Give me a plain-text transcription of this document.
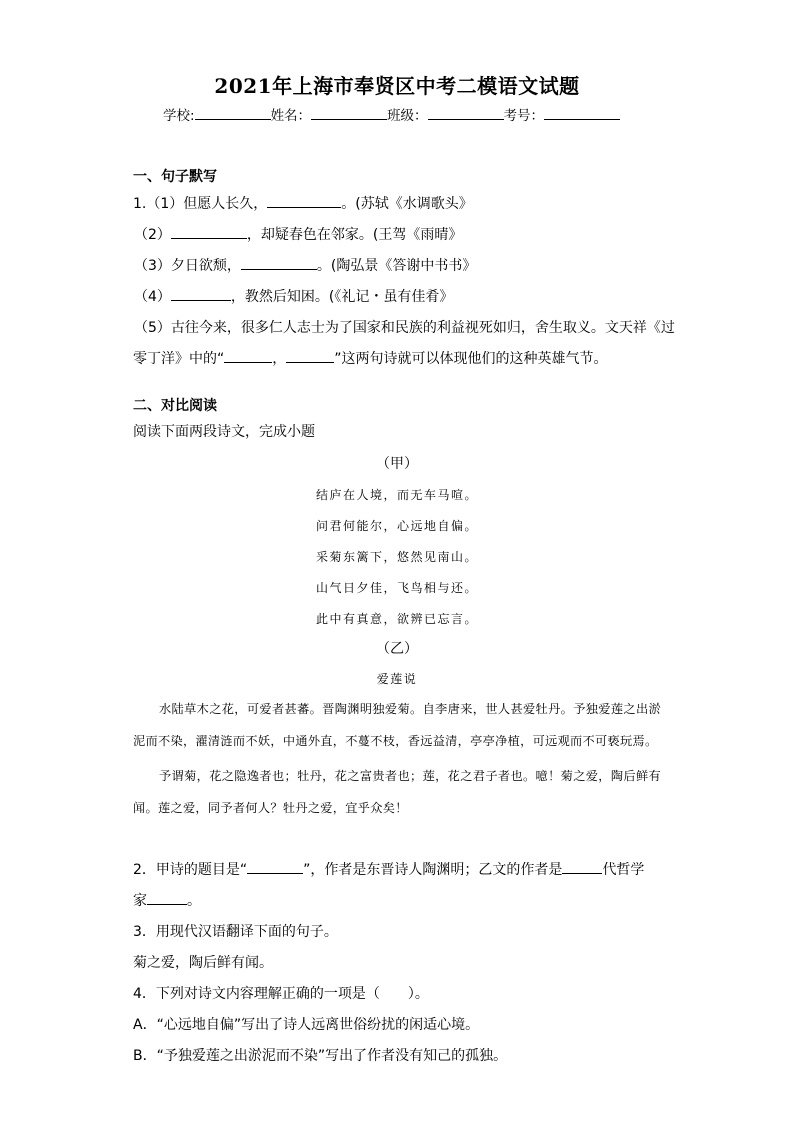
2021年上海市奉贤区中考二模语文试题
学校:	姓名：	班级：	考号：
一、句子默写
1.（1）但愿人长久，	。(苏轼《水调歌头》
（2）	，却疑春色在邻家。(王驾《雨晴》
（3）夕日欲颓，	。(陶弘景《答谢中书书》
（4）	，教然后知困。(《礼记・虽有佳肴》
（5）古往今来，很多仁人志士为了国家和民族的利益视死如归，舍生取义。文天祥《过
零丁洋》中的“	，	”这两句诗就可以体现他们的这种英雄气节。
二、对比阅读
阅读下面两段诗文，完成小题
（甲）
结庐在人境，而无车马喧。
问君何能尔，心远地自偏。
采菊东篱下，悠然见南山。
山气日夕佳，飞鸟相与还。
此中有真意，欲辨已忘言。
（乙）
爱莲说

水陆草木之花，可爱者甚蕃。晋陶渊明独爱菊。自李唐来，世人甚爱牡丹。予独爱莲之出淤泥而不染，濯清涟而不妖，中通外直，不蔓不枝，香远益清，亭亭净植，可远观而不可亵玩焉。

予谓菊，花之隐逸者也；牡丹，花之富贵者也；莲，花之君子者也。噫！菊之爱，陶后鲜有闻。莲之爱，同予者何人？牡丹之爱，宜乎众矣！

2．甲诗的题目是“	”，作者是东晋诗人陶渊明；乙文的作者是	代哲学
家	。
3．用现代汉语翻译下面的句子。
菊之爱，陶后鲜有闻。
4．下列对诗文内容理解正确的一项是（　　）。
A．“心远地自偏”写出了诗人远离世俗纷扰的闲适心境。
B．“予独爱莲之出淤泥而不染”写出了作者没有知己的孤独。
